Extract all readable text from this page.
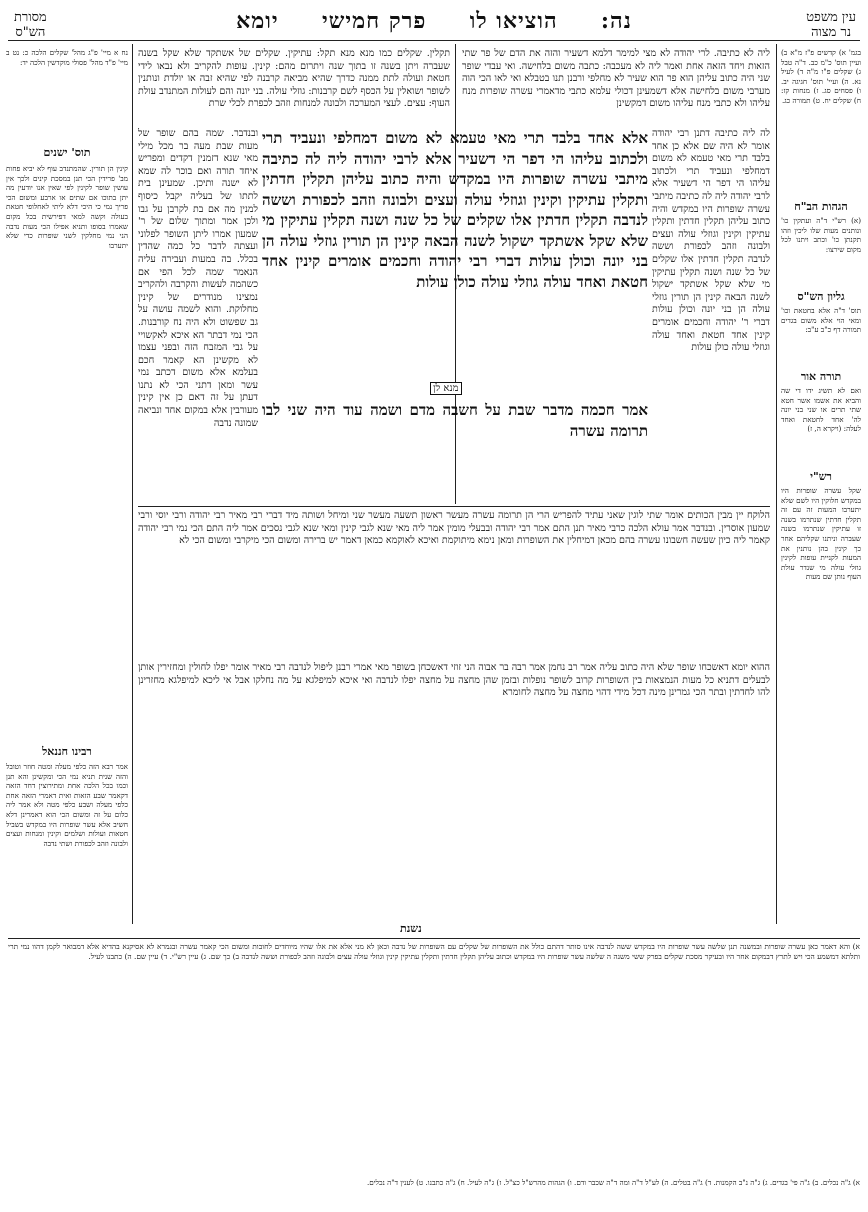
עין משפט
נר מצוה
מסורת
הש"ס	נה:     הוציאו לו     פרק חמישי     יומא
נח א מיי' פ"ג מהל' שקלים הלכה כ: נט ב מיי' פ"ד מהל' פסולי מוקדשין הלכה יד:
תוס' ישנים
קינין הן תורין. שהמתנדב עוף לא יביא פחות מב' פרידין הכי תנן במסכת קינים ולכך אין עושין שופר לקינין לפי שאין אנו יודעין מה יתן בתוכו אם שתים או ארבע ומשום הכי פריך נמי כי היכי דלא ליתי לאחלופי חטאת בעולה וקשה למאי דפירשית בכל מקום שאמרו בסופו ותניא אפילו הכי מעות נדבה הני נמי מחלקין לשני שופרות כדי שלא יתערבו
רבינו חננאל
אמר רבא הזה כלפי מעלה ומטה חוזר וטובל והזה שנית תניא נמי הכי ומקשינן והא תנן וכמו בכל הלכה אחת ומתירוצין דחד הזאה דקאמר שבע הזאות ואית דאמרי הזאה אחת כלפי מעלה ושבע כלפי מטה ולא אמר ליה כלום על זה ומשום הכי הוא דאמרינן דלא חשיב אלא עשר שופרות היו במקדש בשביל חטאות ועולות ושלמים וקינין ומנחות ועצים ולבונה וזהב לכפורת ושתי נדבה
בגמ' א) קדשים פ"ז מ"א ב) ועיין תוס' כ"מ כב. ד"ה טבל ג) שקלים פ"ו מ"ה ד) לעיל נא. ה) ועיי' תוס' חגיגה יב. ו) פסחים סג. ז) מנחות קז: ח) שקלים יח. ט) תמורה כג.
הגהות הב"ח
(א) רש"י ד"ה ועתקין כו' ונותנים מעות שלו ליכין וזהו תקנתן כו' וכתב ויתנו לכל מקום שירצו:
גליון הש"ס
תוס' ד"ה אלא בחטאת וכו' ומאי הוי אלא משום בגדים תמורה דף כ"ב ע"ב:
תורה אור
ואם לא תשיג ידו די שה והביא את אשמו אשר חטא שתי תרים או שני בני יונה לה' אחד לחטאת ואחד לעלה: (ויקרא ה, ז)
רש"י
שקל עשרה שופרות היו במקדש חלוקין היו לשם שלא יתערבו המעות זה עם זה תקלין חדתין שנתרמו בשנה זו עתיקין שנתרמו בשנה שעברה וניתנו שקליהם אחר כך קינין בהן נותנין את המעות לקניית עופות לקינין גוזלי עולה מי שנדר עולת העוף נותן שם מעות
ליה לא כתיבה. לרי יהודה לא מצי למימר דלמא דשעיר והזה את הדם של פר שתי הזאות ויחד הזאה אחת ואמר ליה לא מעכבה: כתבה משום בלחישה. ואי עבדי שופר שני היה כתוב עליהן הוא פר הוא שעיר לא מחלפי ורבנן תנו בטבלא ואי לאו הכי הוה מערבי משום בלחישה אלא דשמעינן דכולי עלמא כתבי מדאמרי עשרה שופרות מנח עליהו ולא כתבי מנח עליהו משום דמקשינן
תקלין. שקלים כמו מנא מנא תקל: עתיקין. שקלים של אשתקד שלא שקל בשנה שעברה ויתן בשנה זו בתוך שנה ויתרום מהם: קינין. עופות להקריב ולא נבאו לידי חטאת ועולה לתת ממנה כדרך שהיא מביאה קרבנה לפי שהיא זבה או יולדת ונותנין לשופר ושואלין על הכסף לשם קרבנות: גוזלי עולה. בני יונה והם לעולות המתנדב עולת העוף: עצים. לעצי המערכה ולבונה למנחות וזהב לכפרת לכלי שרת
אלא אחד בלבד תרי מאי טעמא לא משום דמחלפי ונעביד תרי ולכתוב עליהו הי דפר הי דשעיר אלא לרבי יהודה ליה לה כתיבה מיתבי עשרה שופרות היו במקדש והיה כתוב עליהן תקלין חדתין ותקלין עתיקין וקינין וגוזלי עולה ועצים ולבונה וזהב לכפורת וששה לנדבה תקלין חדתין אלו שקלים של כל שנה ושנה תקלין עתיקין מי שלא שקל אשתקד ישקול לשנה הבאה קינין הן תורין גוזלי עולה הן בני יונה וכולן עולות דברי רבי יהודה וחכמים אומרים קינין אחד חטאת ואחד עולה גוזלי עולה כולן עולות
מנא לן
אמר חכמה מדבר שבת על חשבה מדם ושמה עוד היה שני לבו תרומה עשרה
לה ליה כתיבה דתנן רבי יהודה אומר לא היה שם אלא כן אחד בלבד תרי מאי טעמא לא משום דמחלפי ונעביד תרי ולכתוב עליהו הי דפר הי דשעיר אלא לרבי יהודה ליה לה כתיבה מיתבי עשרה שופרות היו במקדש והיה כתוב עליהן תקלין חדתין ותקלין עתיקין וקינין וגוזלי עולה ועצים ולבונה וזהב לכפורת וששה לנדבה תקלין חדתין אלו שקלים של כל שנה ושנה תקלין עתיקין מי שלא שקל אשתקד ישקול לשנה הבאה קינין הן תורין גוזלי עולה הן בני יונה וכולן עולות דברי ר' יהודה וחכמים אומרים קינין אחד חטאת ואחד עולה וגוזלי עולה כולן עולות
ובנדבר. שמה בהם שופר של מעות שבת מעה בר מכל מילי מאי שנא דזמנין דקדים ומפריש איחד תורה ואם בוכר לה שמא לא ישנה ותיכן. שמעינן בית לתתו של בעליה יקבל כיסוף למנין מה אם בת לקרבן על גבו ולכן אמר ומתוך שלום של ר' שמעון אמרו ליתן השופר לפלוני ועצתה לדבר כל כמה שהדין בכלל. בה במעות ועבירה עליה הנאמר שמה לכל הפי אם כשהמה לעשות והקרבה ולהקריב נמצינו מנודרים של קינין מחלוקת. והוא לשמה עושה על גב שפשוט ולא היה נח קורבנות. הכי נמי דבתר הא איכא לאקשויי על גבי המזבח הזה ובפני עצמו לא מקשינן הא קאמר חכם בעלמא אלא משום דכתב נמי עשר ומאן דתני הכי לא נתנו דעתן על זה דאם כן אין קינין מעורבין אלא במקום אחד ונביאה שמונה נדבה
הלוקח יין מבין הכותים אומר שתי לוגין שאני עתיד להפריש הרי הן תרומה עשרה מעשר ראשון תשעה מעשר שני ומיחל ושותה מיד דברי רבי מאיר רבי יהודה ורבי יוסי ורבי שמעון אוסרין. ובנדבר אמר עולא הלכה כרבי מאיר תנן התם אמר רבי יהודה ובבעלי מומין אמר ליה מאי שנא לגבי קינין ומאי שנא לגבי נסכים אמר ליה התם הכי נמי רבי יהודה קאמר ליה כיון שעשה חשבונו עשרה בהם מכאן דמיחלין את השופרות ומאן נימא מיתוקמת ואיכא לאוקמא כמאן דאמר יש ברירה ומשום הכי מיקרבי ומשום הכי לא
ההוא יומא דאשכחו שופר שלא היה כתוב עליה אמר רב נחמן אמר רבה בר אבוה הני זוזי דאשכחן בשופר מאי אמרי רבנן ליפול לנדבה רבי מאיר אומר יפלו לחולין ומחזירין אותן לבעלים דתניא כל מעות הנמצאות בין השופרות קרוב לשופר נופלות ובזמן שהן מחצה על מחצה יפלו לנדבה ואי איכא למיפלגא על מה נחלקו אבל אי ליכא למיפלגא מחזרינן להו לחדתין ובתר הכי גמרינן מינה דכל מידי דהוי מחצה על מחצה לחומרא
נשנת
א) והא דאמר כאן עשרה שופרות ובמשנה תנן שלשה עשר שופרות היו במקדש ששה לנדבה אינו סותר דהתם כולל את השופרות של שקלים עם השופרות של נדבה וכאן לא מני אלא את אלו שהיו מיוחדים לחובות ומשום הכי קאמר עשרה ובגמרא לא אסיקנא בהדיא אלא דמבואר לקמן דהוו נמי תרי ותלתא דמשמע הכי ויש לתרץ דבמקום אחר היו ובעיקר מסכת שקלים בפרק ששי משנה ה שלשה עשר שופרות היו במקדש וכתוב עליהן תקלין חדתין ותקלין עתיקין קינין וגוזלי עולה עצים ולבונה וזהב לכפורת וששה לנדבה ב) כך שם. ג) עיין רש"י. ד) עיין שם. ה) כתבנו לעיל.
א) ג"ה נכלים. ב) ג"ה פי' בגדים. ג) ג"ה נ"ב הקמנות. ד) ג"ה בטלים. ה) לע"ל ד"ה ומה ד"ה שכבר ודם. ו) הגהות מהרש"ל כצ"ל. ז) ג"ה לעיל. ח) ג"ה כתבנו. ט) לענין ד"ה נכלים.
